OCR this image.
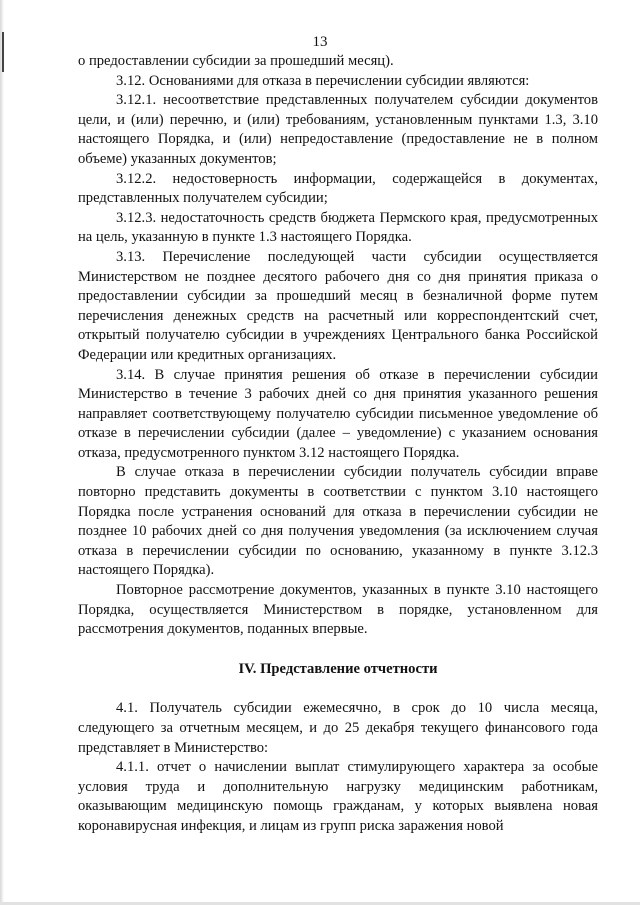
13

о предоставлении субсидии за прошедший месяц).

3.12. Основаниями для отказа в перечислении субсидии являются:

3.12.1. несоответствие представленных получателем субсидии документов цели, и (или) перечню, и (или) требованиям, установленным пунктами 1.3, 3.10 настоящего Порядка, и (или) непредоставление (предоставление не в полном объеме) указанных документов;

3.12.2. недостоверность информации, содержащейся в документах, представленных получателем субсидии;

3.12.3. недостаточность средств бюджета Пермского края, предусмотренных на цель, указанную в пункте 1.3 настоящего Порядка.

3.13. Перечисление последующей части субсидии осуществляется Министерством не позднее десятого рабочего дня со дня принятия приказа о предоставлении субсидии за прошедший месяц в безналичной форме путем перечисления денежных средств на расчетный или корреспондентский счет, открытый получателю субсидии в учреждениях Центрального банка Российской Федерации или кредитных организациях.

3.14. В случае принятия решения об отказе в перечислении субсидии Министерство в течение 3 рабочих дней со дня принятия указанного решения направляет соответствующему получателю субсидии письменное уведомление об отказе в перечислении субсидии (далее – уведомление) с указанием основания отказа, предусмотренного пунктом 3.12 настоящего Порядка.

В случае отказа в перечислении субсидии получатель субсидии вправе повторно представить документы в соответствии с пунктом 3.10 настоящего Порядка после устранения оснований для отказа в перечислении субсидии не позднее 10 рабочих дней со дня получения уведомления (за исключением случая отказа в перечислении субсидии по основанию, указанному в пункте 3.12.3 настоящего Порядка).

Повторное рассмотрение документов, указанных в пункте 3.10 настоящего Порядка, осуществляется Министерством в порядке, установленном для рассмотрения документов, поданных впервые.

IV. Представление отчетности

4.1. Получатель субсидии ежемесячно, в срок до 10 числа месяца, следующего за отчетным месяцем, и до 25 декабря текущего финансового года представляет в Министерство:

4.1.1. отчет о начислении выплат стимулирующего характера за особые условия труда и дополнительную нагрузку медицинским работникам, оказывающим медицинскую помощь гражданам, у которых выявлена новая коронавирусная инфекция, и лицам из групп риска заражения новой
